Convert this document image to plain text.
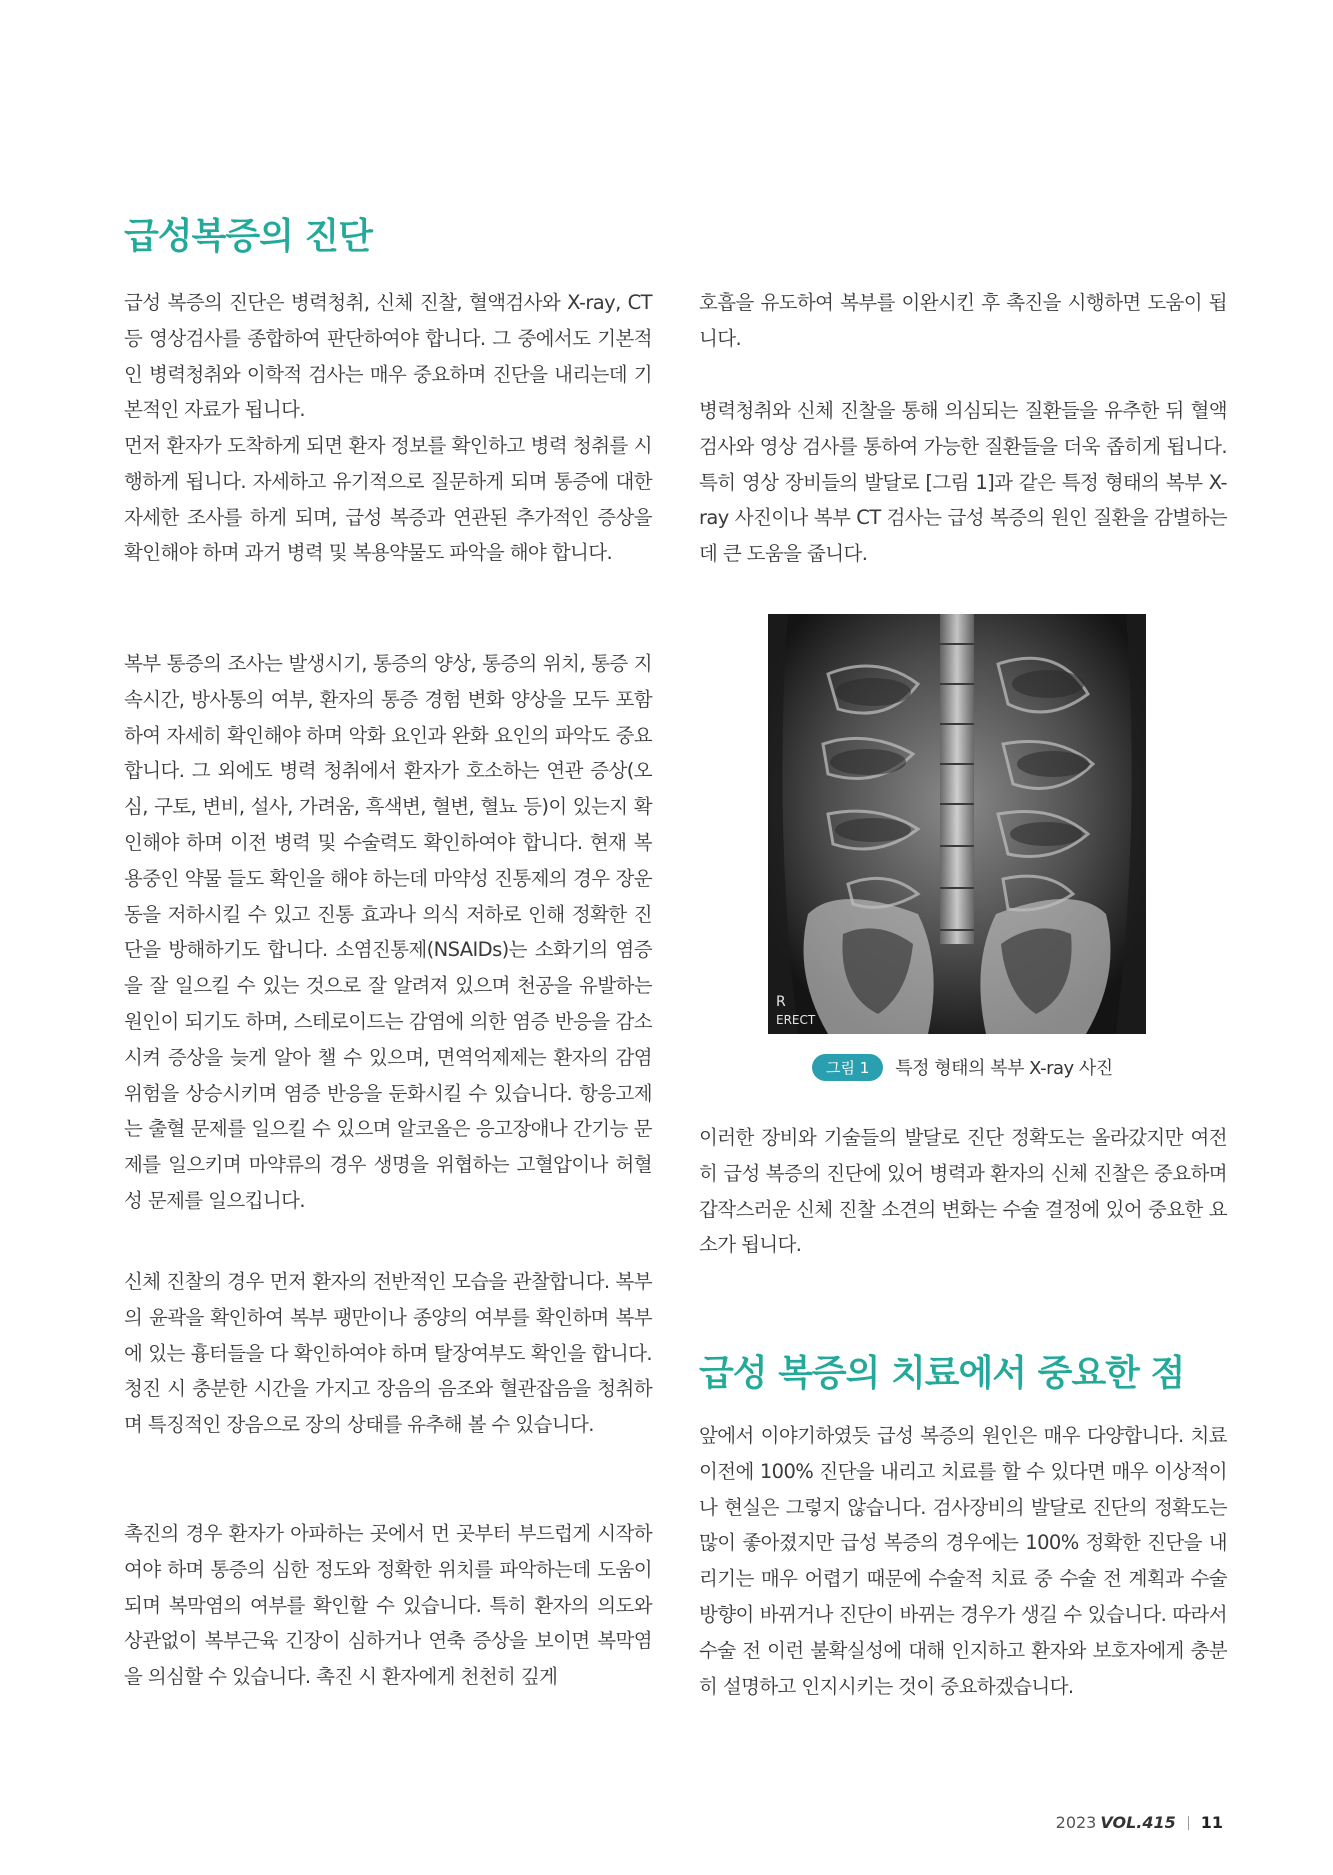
급성복증의 진단
급성 복증의 진단은 병력청취, 신체 진찰, 혈액검사와 X-ray, CT 등 영상검사를 종합하여 판단하여야 합니다. 그 중에서도 기본적인 병력청취와 이학적 검사는 매우 중요하며 진단을 내리는데 기본적인 자료가 됩니다.
먼저 환자가 도착하게 되면 환자 정보를 확인하고 병력 청취를 시행하게 됩니다. 자세하고 유기적으로 질문하게 되며 통증에 대한 자세한 조사를 하게 되며, 급성 복증과 연관된 추가적인 증상을 확인해야 하며 과거 병력 및 복용약물도 파악을 해야 합니다.
복부 통증의 조사는 발생시기, 통증의 양상, 통증의 위치, 통증 지속시간, 방사통의 여부, 환자의 통증 경험 변화 양상을 모두 포함하여 자세히 확인해야 하며 악화 요인과 완화 요인의 파악도 중요합니다. 그 외에도 병력 청취에서 환자가 호소하는 연관 증상(오심, 구토, 변비, 설사, 가려움, 흑색변, 혈변, 혈뇨 등)이 있는지 확인해야 하며 이전 병력 및 수술력도 확인하여야 합니다. 현재 복용중인 약물 들도 확인을 해야 하는데 마약성 진통제의 경우 장운동을 저하시킬 수 있고 진통 효과나 의식 저하로 인해 정확한 진단을 방해하기도 합니다. 소염진통제(NSAIDs)는 소화기의 염증을 잘 일으킬 수 있는 것으로 잘 알려져 있으며 천공을 유발하는 원인이 되기도 하며, 스테로이드는 감염에 의한 염증 반응을 감소시켜 증상을 늦게 알아 챌 수 있으며, 면역억제제는 환자의 감염 위험을 상승시키며 염증 반응을 둔화시킬 수 있습니다. 항응고제는 출혈 문제를 일으킬 수 있으며 알코올은 응고장애나 간기능 문제를 일으키며 마약류의 경우 생명을 위협하는 고혈압이나 허혈성 문제를 일으킵니다.
신체 진찰의 경우 먼저 환자의 전반적인 모습을 관찰합니다. 복부의 윤곽을 확인하여 복부 팽만이나 종양의 여부를 확인하며 복부에 있는 흉터들을 다 확인하여야 하며 탈장여부도 확인을 합니다. 청진 시 충분한 시간을 가지고 장음의 음조와 혈관잡음을 청취하며 특징적인 장음으로 장의 상태를 유추해 볼 수 있습니다.
촉진의 경우 환자가 아파하는 곳에서 먼 곳부터 부드럽게 시작하여야 하며 통증의 심한 정도와 정확한 위치를 파악하는데 도움이 되며 복막염의 여부를 확인할 수 있습니다. 특히 환자의 의도와 상관없이 복부근육 긴장이 심하거나 연축 증상을 보이면 복막염을 의심할 수 있습니다. 촉진 시 환자에게 천천히 깊게
호흡을 유도하여 복부를 이완시킨 후 촉진을 시행하면 도움이 됩니다.
병력청취와 신체 진찰을 통해 의심되는 질환들을 유추한 뒤 혈액검사와 영상 검사를 통하여 가능한 질환들을 더욱 좁히게 됩니다. 특히 영상 장비들의 발달로 [그림 1]과 같은 특정 형태의 복부 X-ray 사진이나 복부 CT 검사는 급성 복증의 원인 질환을 감별하는데 큰 도움을 줍니다.
R
ERECT
그림 1	특정 형태의 복부 X-ray 사진
이러한 장비와 기술들의 발달로 진단 정확도는 올라갔지만 여전히 급성 복증의 진단에 있어 병력과 환자의 신체 진찰은 중요하며 갑작스러운 신체 진찰 소견의 변화는 수술 결정에 있어 중요한 요소가 됩니다.
급성 복증의 치료에서 중요한 점
앞에서 이야기하였듯 급성 복증의 원인은 매우 다양합니다. 치료 이전에 100% 진단을 내리고 치료를 할 수 있다면 매우 이상적이나 현실은 그렇지 않습니다. 검사장비의 발달로 진단의 정확도는 많이 좋아졌지만 급성 복증의 경우에는 100% 정확한 진단을 내리기는 매우 어렵기 때문에 수술적 치료 중 수술 전 계획과 수술 방향이 바뀌거나 진단이 바뀌는 경우가 생길 수 있습니다. 따라서 수술 전 이런 불확실성에 대해 인지하고 환자와 보호자에게 충분히 설명하고 인지시키는 것이 중요하겠습니다.
2023 VOL.415 11
